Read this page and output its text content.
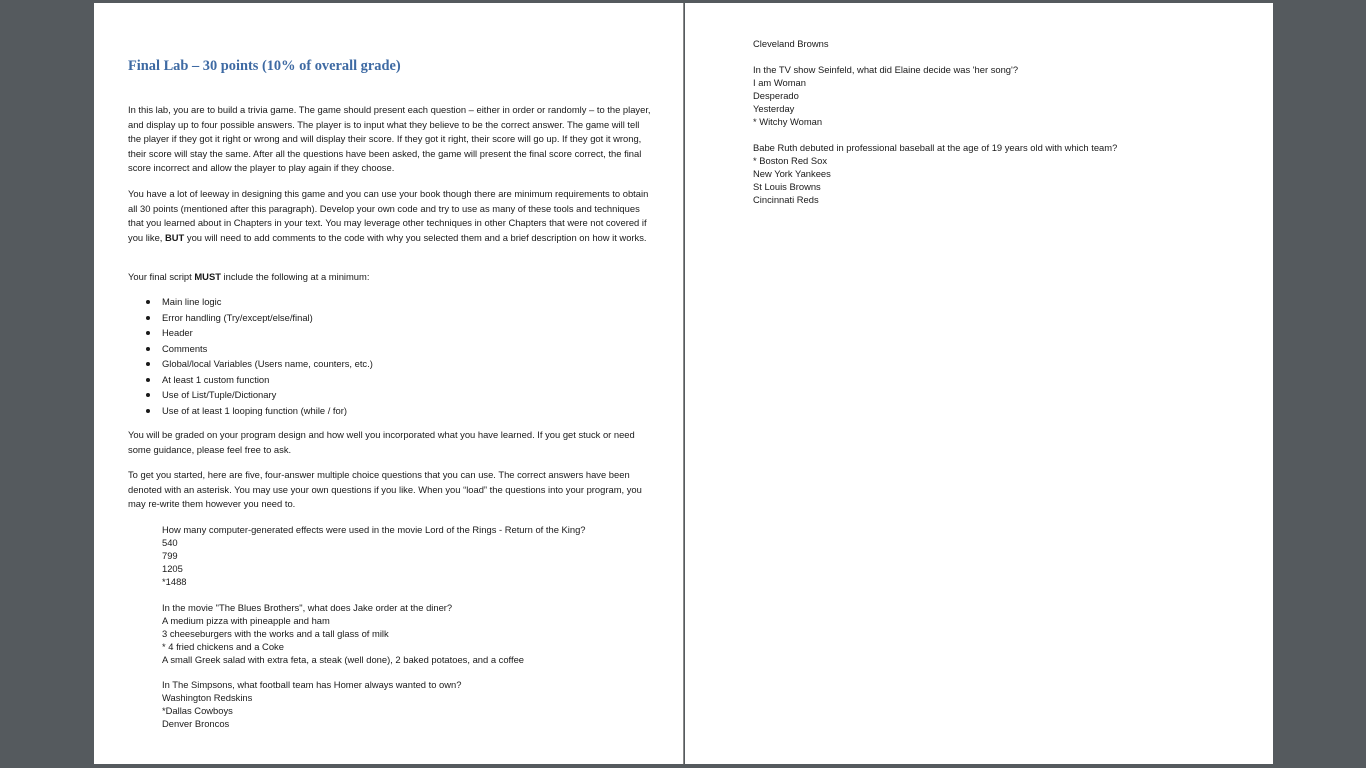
Final Lab – 30 points (10% of overall grade)

In this lab, you are to build a trivia game. The game should present each question – either in order or randomly – to the player, and display up to four possible answers. The player is to input what they believe to be the correct answer. The game will tell the player if they got it right or wrong and will display their score. If they got it right, their score will go up. If they got it wrong, their score will stay the same. After all the questions have been asked, the game will present the final score correct, the final score incorrect and allow the player to play again if they choose.

You have a lot of leeway in designing this game and you can use your book though there are minimum requirements to obtain all 30 points (mentioned after this paragraph). Develop your own code and try to use as many of these tools and techniques that you learned about in Chapters in your text. You may leverage other techniques in other Chapters that were not covered if you like, BUT you will need to add comments to the code with why you selected them and a brief description on how it works.

Your final script MUST include the following at a minimum:

Main line logic
Error handling (Try/except/else/final)
Header
Comments
Global/local Variables (Users name, counters, etc.)
At least 1 custom function
Use of List/Tuple/Dictionary
Use of at least 1 looping function (while / for)

You will be graded on your program design and how well you incorporated what you have learned. If you get stuck or need some guidance, please feel free to ask.

To get you started, here are five, four-answer multiple choice questions that you can use. The correct answers have been denoted with an asterisk. You may use your own questions if you like. When you “load” the questions into your program, you may re-write them however you need to.

How many computer-generated effects were used in the movie Lord of the Rings - Return of the King?
540
799
1205
*1488
In the movie "The Blues Brothers", what does Jake order at the diner?
A medium pizza with pineapple and ham
3 cheeseburgers with the works and a tall glass of milk
* 4 fried chickens and a Coke
A small Greek salad with extra feta, a steak (well done), 2 baked potatoes, and a coffee
In The Simpsons, what football team has Homer always wanted to own?
Washington Redskins
*Dallas Cowboys
Denver Broncos
Cleveland Browns
In the TV show Seinfeld, what did Elaine decide was 'her song'?
I am Woman
Desperado
Yesterday
* Witchy Woman
Babe Ruth debuted in professional baseball at the age of 19 years old with which team?
* Boston Red Sox
New York Yankees
St Louis Browns
Cincinnati Reds
